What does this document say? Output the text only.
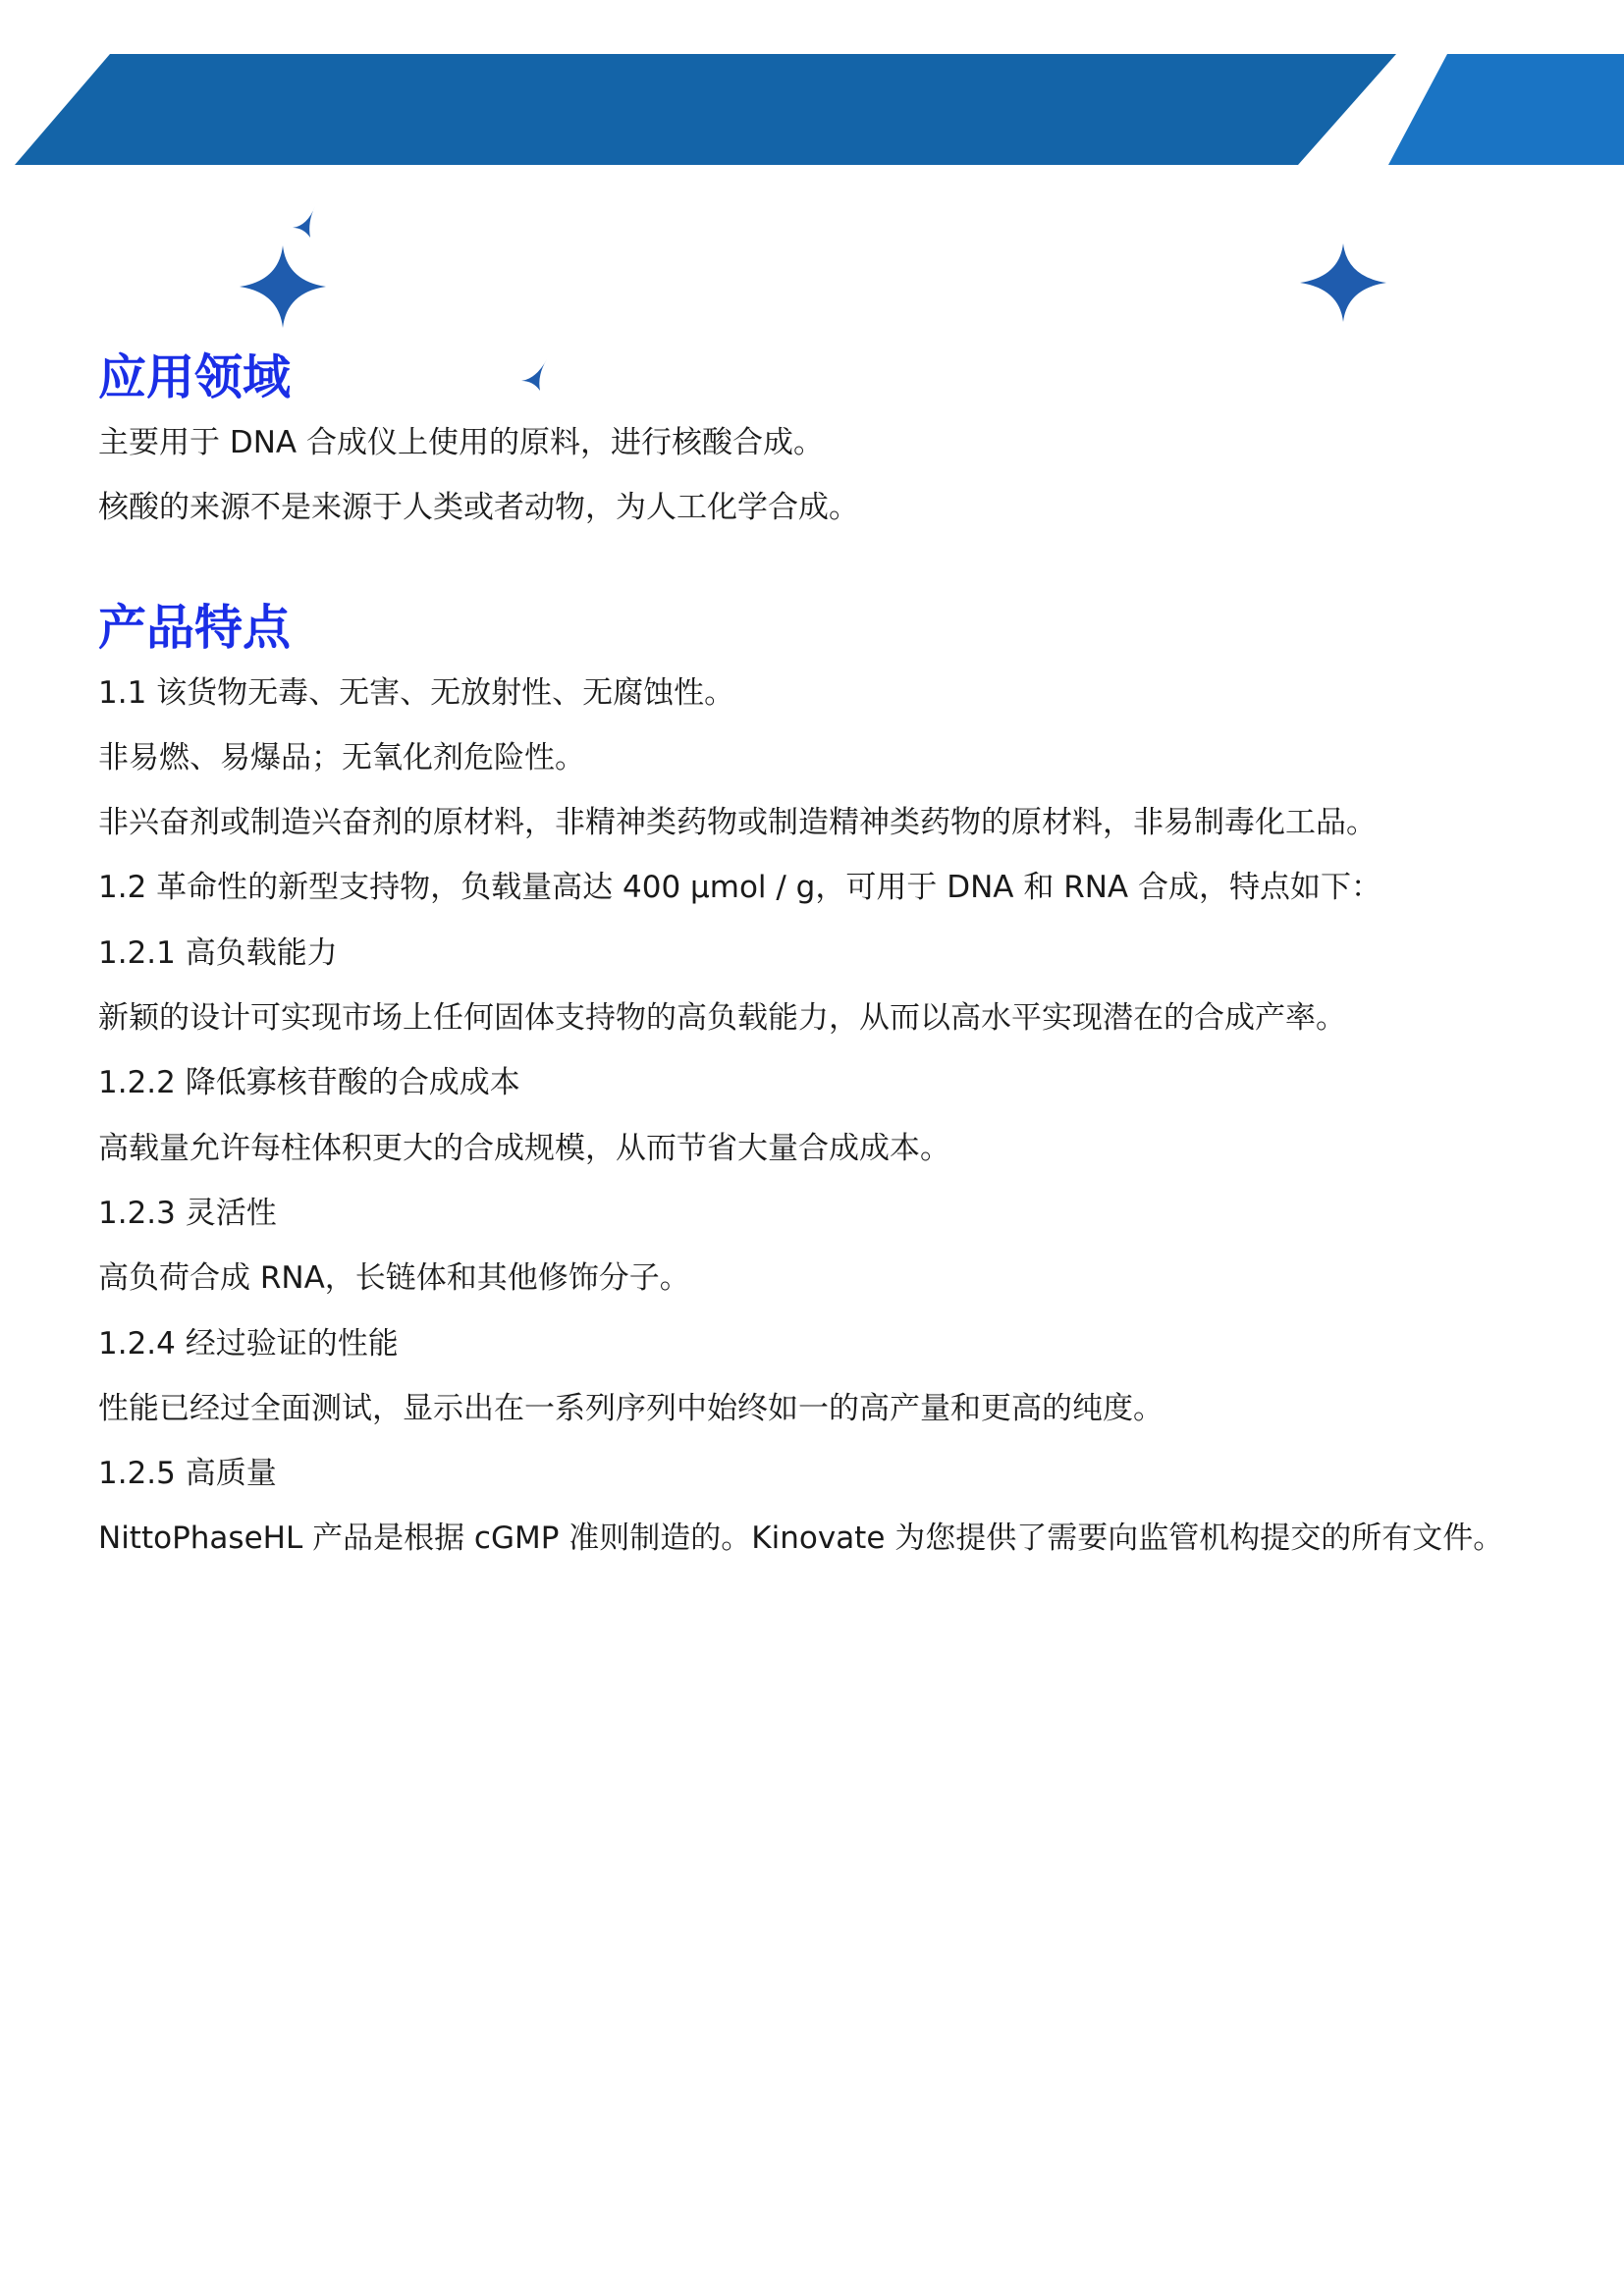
应用领域

主要用于 DNA 合成仪上使用的原料，进行核酸合成。

核酸的来源不是来源于人类或者动物，为人工化学合成。

产品特点

1.1 该货物无毒、无害、无放射性、无腐蚀性。

非易燃、易爆品；无氧化剂危险性。

非兴奋剂或制造兴奋剂的原材料，非精神类药物或制造精神类药物的原材料，非易制毒化工品。

1.2 革命性的新型支持物，负载量高达 400 μmol / g，可用于 DNA 和 RNA 合成，特点如下：

1.2.1 高负载能力

新颖的设计可实现市场上任何固体支持物的高负载能力，从而以高水平实现潜在的合成产率。

1.2.2 降低寡核苷酸的合成成本

高载量允许每柱体积更大的合成规模，从而节省大量合成成本。

1.2.3 灵活性

高负荷合成 RNA，长链体和其他修饰分子。

1.2.4 经过验证的性能

性能已经过全面测试，显示出在一系列序列中始终如一的高产量和更高的纯度。

1.2.5 高质量

NittoPhaseHL 产品是根据 cGMP 准则制造的。Kinovate 为您提供了需要向监管机构提交的所有文件。
